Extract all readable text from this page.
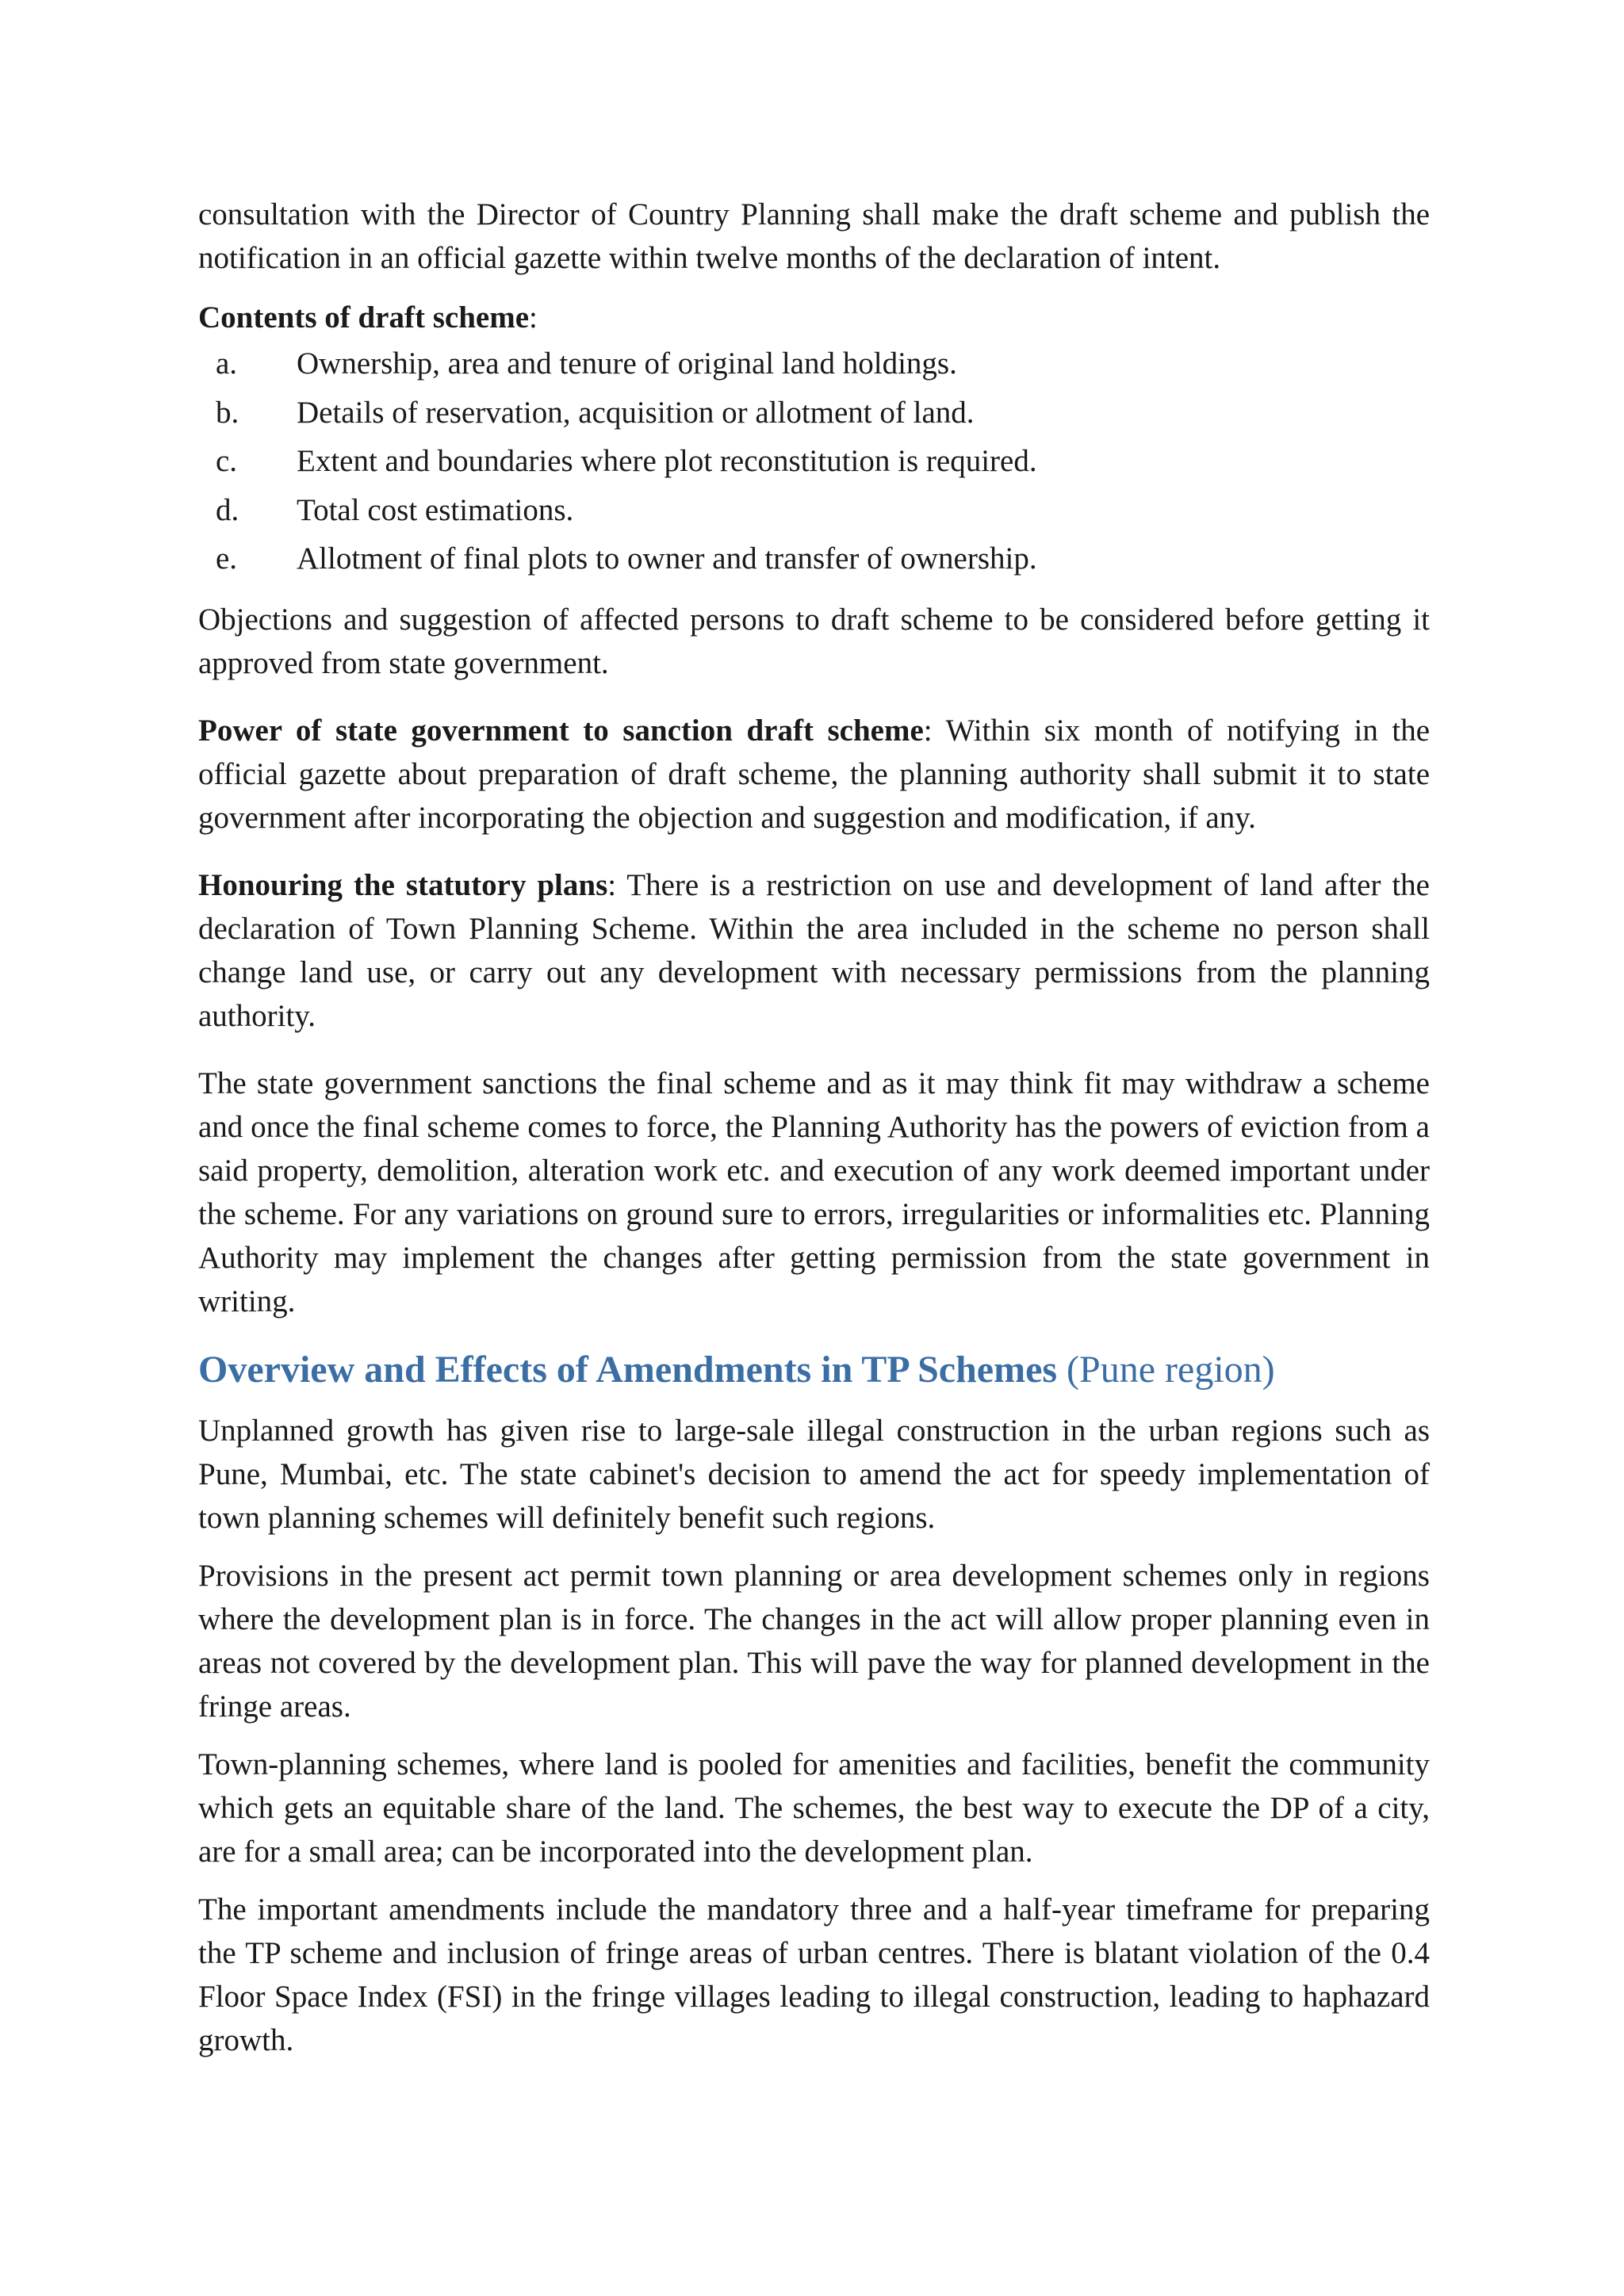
consultation with the Director of Country Planning shall make the draft scheme and publish the notification in an official gazette within twelve months of the declaration of intent.

Contents of draft scheme:

a.	Ownership, area and tenure of original land holdings.
b.	Details of reservation, acquisition or allotment of land.
c.	Extent and boundaries where plot reconstitution is required.
d.	Total cost estimations.
e.	Allotment of final plots to owner and transfer of ownership.

Objections and suggestion of affected persons to draft scheme to be considered before getting it approved from state government.

Power of state government to sanction draft scheme: Within six month of notifying in the official gazette about preparation of draft scheme, the planning authority shall submit it to state government after incorporating the objection and suggestion and modification, if any.

Honouring the statutory plans: There is a restriction on use and development of land after the declaration of Town Planning Scheme. Within the area included in the scheme no person shall change land use, or carry out any development with necessary permissions from the planning authority.

The state government sanctions the final scheme and as it may think fit may withdraw a scheme and once the final scheme comes to force, the Planning Authority has the powers of eviction from a said property, demolition, alteration work etc. and execution of any work deemed important under the scheme. For any variations on ground sure to errors, irregularities or informalities etc. Planning Authority may implement the changes after getting permission from the state government in writing.

Overview and Effects of Amendments in TP Schemes (Pune region)

Unplanned growth has given rise to large-sale illegal construction in the urban regions such as Pune, Mumbai, etc. The state cabinet's decision to amend the act for speedy implementation of town planning schemes will definitely benefit such regions.

Provisions in the present act permit town planning or area development schemes only in regions where the development plan is in force. The changes in the act will allow proper planning even in areas not covered by the development plan. This will pave the way for planned development in the fringe areas.

Town-planning schemes, where land is pooled for amenities and facilities, benefit the community which gets an equitable share of the land. The schemes, the best way to execute the DP of a city, are for a small area; can be incorporated into the development plan.

The important amendments include the mandatory three and a half-year timeframe for preparing the TP scheme and inclusion of fringe areas of urban centres. There is blatant violation of the 0.4 Floor Space Index (FSI) in the fringe villages leading to illegal construction, leading to haphazard growth.
